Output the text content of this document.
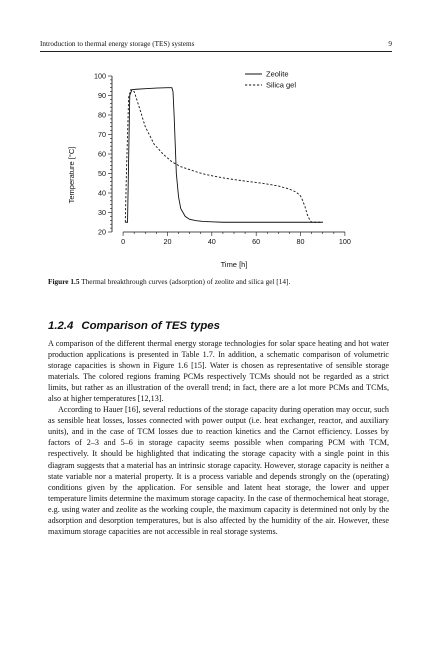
Introduction to thermal energy storage (TES) systems	9
20
30
40
50
60
70
80
90
100
0	20	40	60	80	100
Zeolite
Silica gel
Time [h]
Temperature [°C]
Figure 1.5 Thermal breakthrough curves (adsorption) of zeolite and silica gel [14].
1.2.4 Comparison of TES types

A comparison of the different thermal energy storage technologies for solar space heating and hot water production applications is presented in Table 1.7. In addition, a schematic comparison of volumetric storage capacities is shown in Figure 1.6 [15]. Water is chosen as representative of sensible storage materials. The colored regions framing PCMs respectively TCMs should not be regarded as a strict limits, but rather as an illustration of the overall trend; in fact, there are a lot more PCMs and TCMs, also at higher temperatures [12,13].

According to Hauer [16], several reductions of the storage capacity during operation may occur, such as sensible heat losses, losses connected with power output (i.e. heat exchanger, reactor, and auxiliary units), and in the case of TCM losses due to reaction kinetics and the Carnot efficiency. Losses by factors of 2–3 and 5–6 in storage capacity seems possible when comparing PCM with TCM, respectively. It should be highlighted that indicating the storage capacity with a single point in this diagram suggests that a material has an intrinsic storage capacity. However, storage capacity is neither a state variable nor a material property. It is a process variable and depends strongly on the (operating) conditions given by the application. For sensible and latent heat storage, the lower and upper temperature limits determine the maximum storage capacity. In the case of thermochemical heat storage, e.g. using water and zeolite as the working couple, the maximum capacity is determined not only by the adsorption and desorption temperatures, but is also affected by the humidity of the air. However, these maximum storage capacities are not accessible in real storage systems.
